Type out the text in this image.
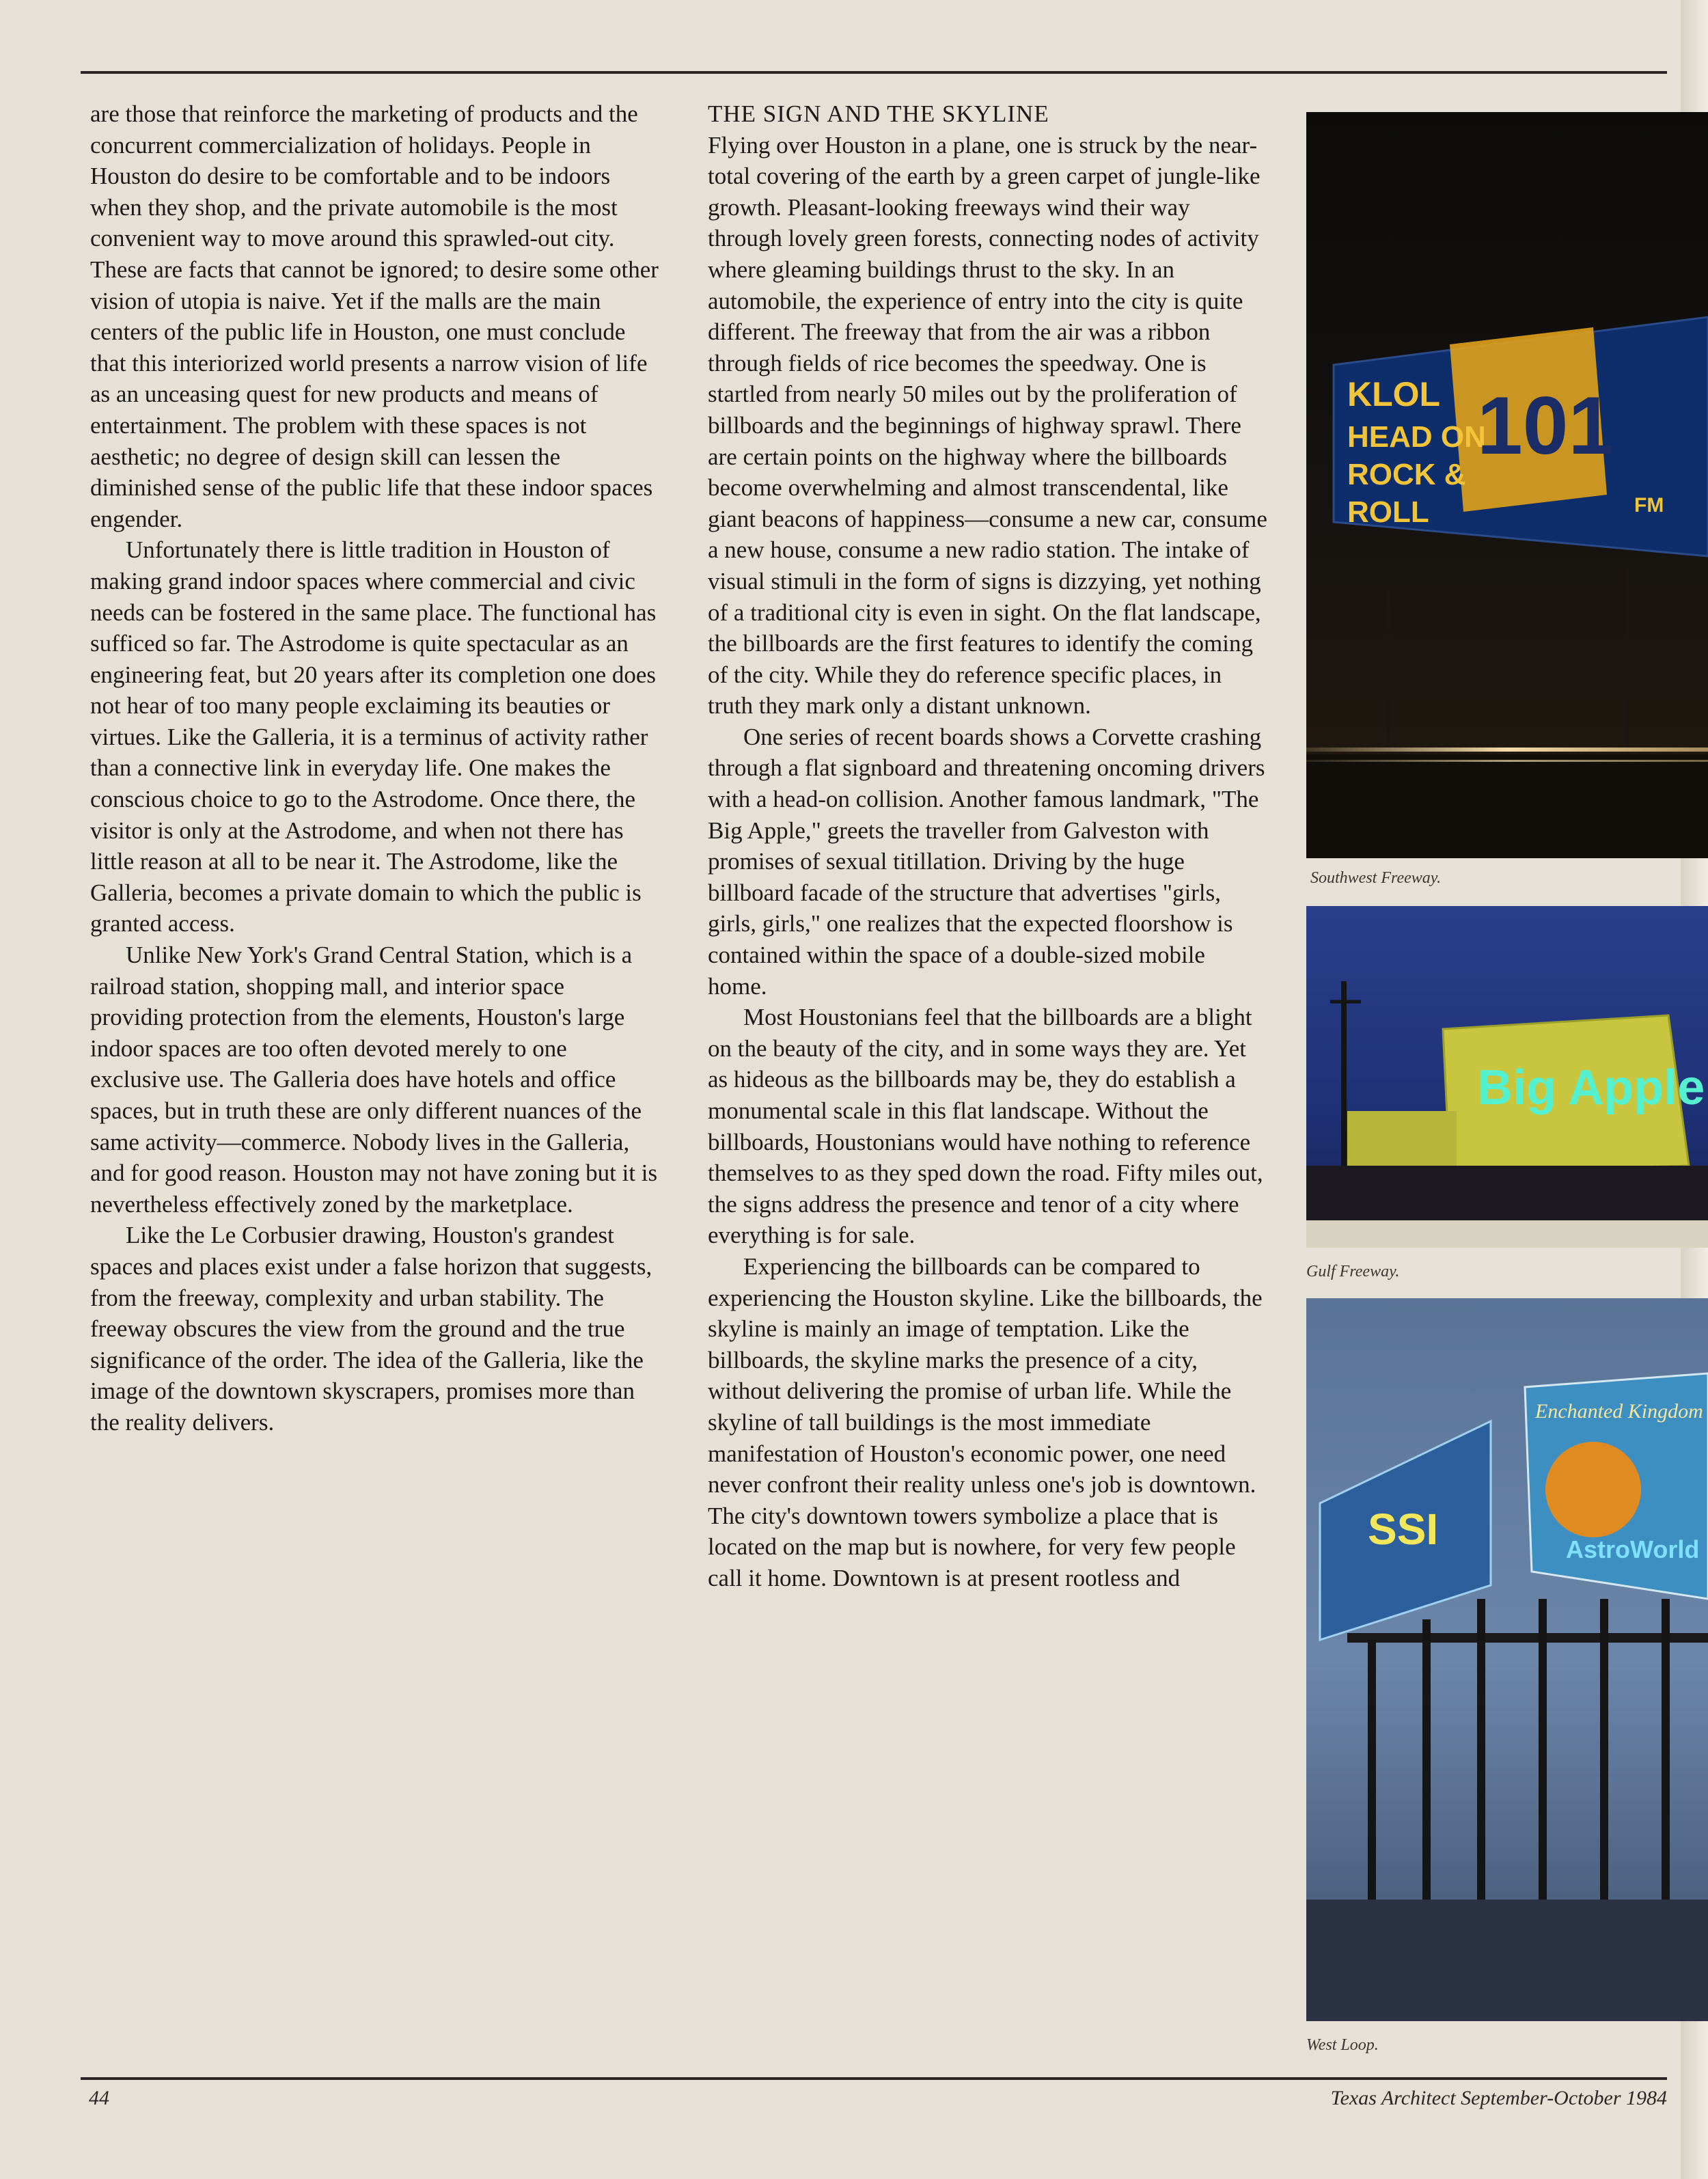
are those that reinforce the marketing of products and the concurrent commercialization of holidays. People in Houston do desire to be comfortable and to be indoors when they shop, and the private automobile is the most convenient way to move around this sprawled-out city. These are facts that cannot be ignored; to desire some other vision of utopia is naive. Yet if the malls are the main centers of the public life in Houston, one must conclude that this interiorized world presents a narrow vision of life as an unceasing quest for new products and means of entertainment. The problem with these spaces is not aesthetic; no degree of design skill can lessen the diminished sense of the public life that these indoor spaces engender.

Unfortunately there is little tradition in Houston of making grand indoor spaces where commercial and civic needs can be fostered in the same place. The functional has sufficed so far. The Astrodome is quite spectacular as an engineering feat, but 20 years after its completion one does not hear of too many people exclaiming its beauties or virtues. Like the Galleria, it is a terminus of activity rather than a connective link in everyday life. One makes the conscious choice to go to the Astrodome. Once there, the visitor is only at the Astrodome, and when not there has little reason at all to be near it. The Astrodome, like the Galleria, becomes a private domain to which the public is granted access.

Unlike New York's Grand Central Station, which is a railroad station, shopping mall, and interior space providing protection from the elements, Houston's large indoor spaces are too often devoted merely to one exclusive use. The Galleria does have hotels and office spaces, but in truth these are only different nuances of the same activity—commerce. Nobody lives in the Galleria, and for good reason. Houston may not have zoning but it is nevertheless effectively zoned by the marketplace.

Like the Le Corbusier drawing, Houston's grandest spaces and places exist under a false horizon that suggests, from the freeway, complexity and urban stability. The freeway obscures the view from the ground and the true significance of the order. The idea of the Galleria, like the image of the downtown skyscrapers, promises more than the reality delivers.

THE SIGN AND THE SKYLINE

Flying over Houston in a plane, one is struck by the near-total covering of the earth by a green carpet of jungle-like growth. Pleasant-looking freeways wind their way through lovely green forests, connecting nodes of activity where gleaming buildings thrust to the sky. In an automobile, the experience of entry into the city is quite different. The freeway that from the air was a ribbon through fields of rice becomes the speedway. One is startled from nearly 50 miles out by the proliferation of billboards and the beginnings of highway sprawl. There are certain points on the highway where the billboards become overwhelming and almost transcendental, like giant beacons of happiness—consume a new car, consume a new house, consume a new radio station. The intake of visual stimuli in the form of signs is dizzying, yet nothing of a traditional city is even in sight. On the flat landscape, the billboards are the first features to identify the coming of the city. While they do reference specific places, in truth they mark only a distant unknown.

One series of recent boards shows a Corvette crashing through a flat signboard and threatening oncoming drivers with a head-on collision. Another famous landmark, "The Big Apple," greets the traveller from Galveston with promises of sexual titillation. Driving by the huge billboard facade of the structure that advertises "girls, girls, girls," one realizes that the expected floorshow is contained within the space of a double-sized mobile home.

Most Houstonians feel that the billboards are a blight on the beauty of the city, and in some ways they are. Yet as hideous as the billboards may be, they do establish a monumental scale in this flat landscape. Without the billboards, Houstonians would have nothing to reference themselves to as they sped down the road. Fifty miles out, the signs address the presence and tenor of a city where everything is for sale.

Experiencing the billboards can be compared to experiencing the Houston skyline. Like the billboards, the skyline is mainly an image of temptation. Like the billboards, the skyline marks the presence of a city, without delivering the promise of urban life. While the skyline of tall buildings is the most immediate manifestation of Houston's economic power, one need never confront their reality unless one's job is downtown. The city's downtown towers symbolize a place that is located on the map but is nowhere, for very few people call it home. Downtown is at present rootless and

KLOL
HEAD ON
ROCK &
ROLL
101
FM
Southwest Freeway.
Big Apple
Gulf Freeway.
SSI
Enchanted Kingdom
AstroWorld
West Loop.
44	Texas Architect September-October 1984
